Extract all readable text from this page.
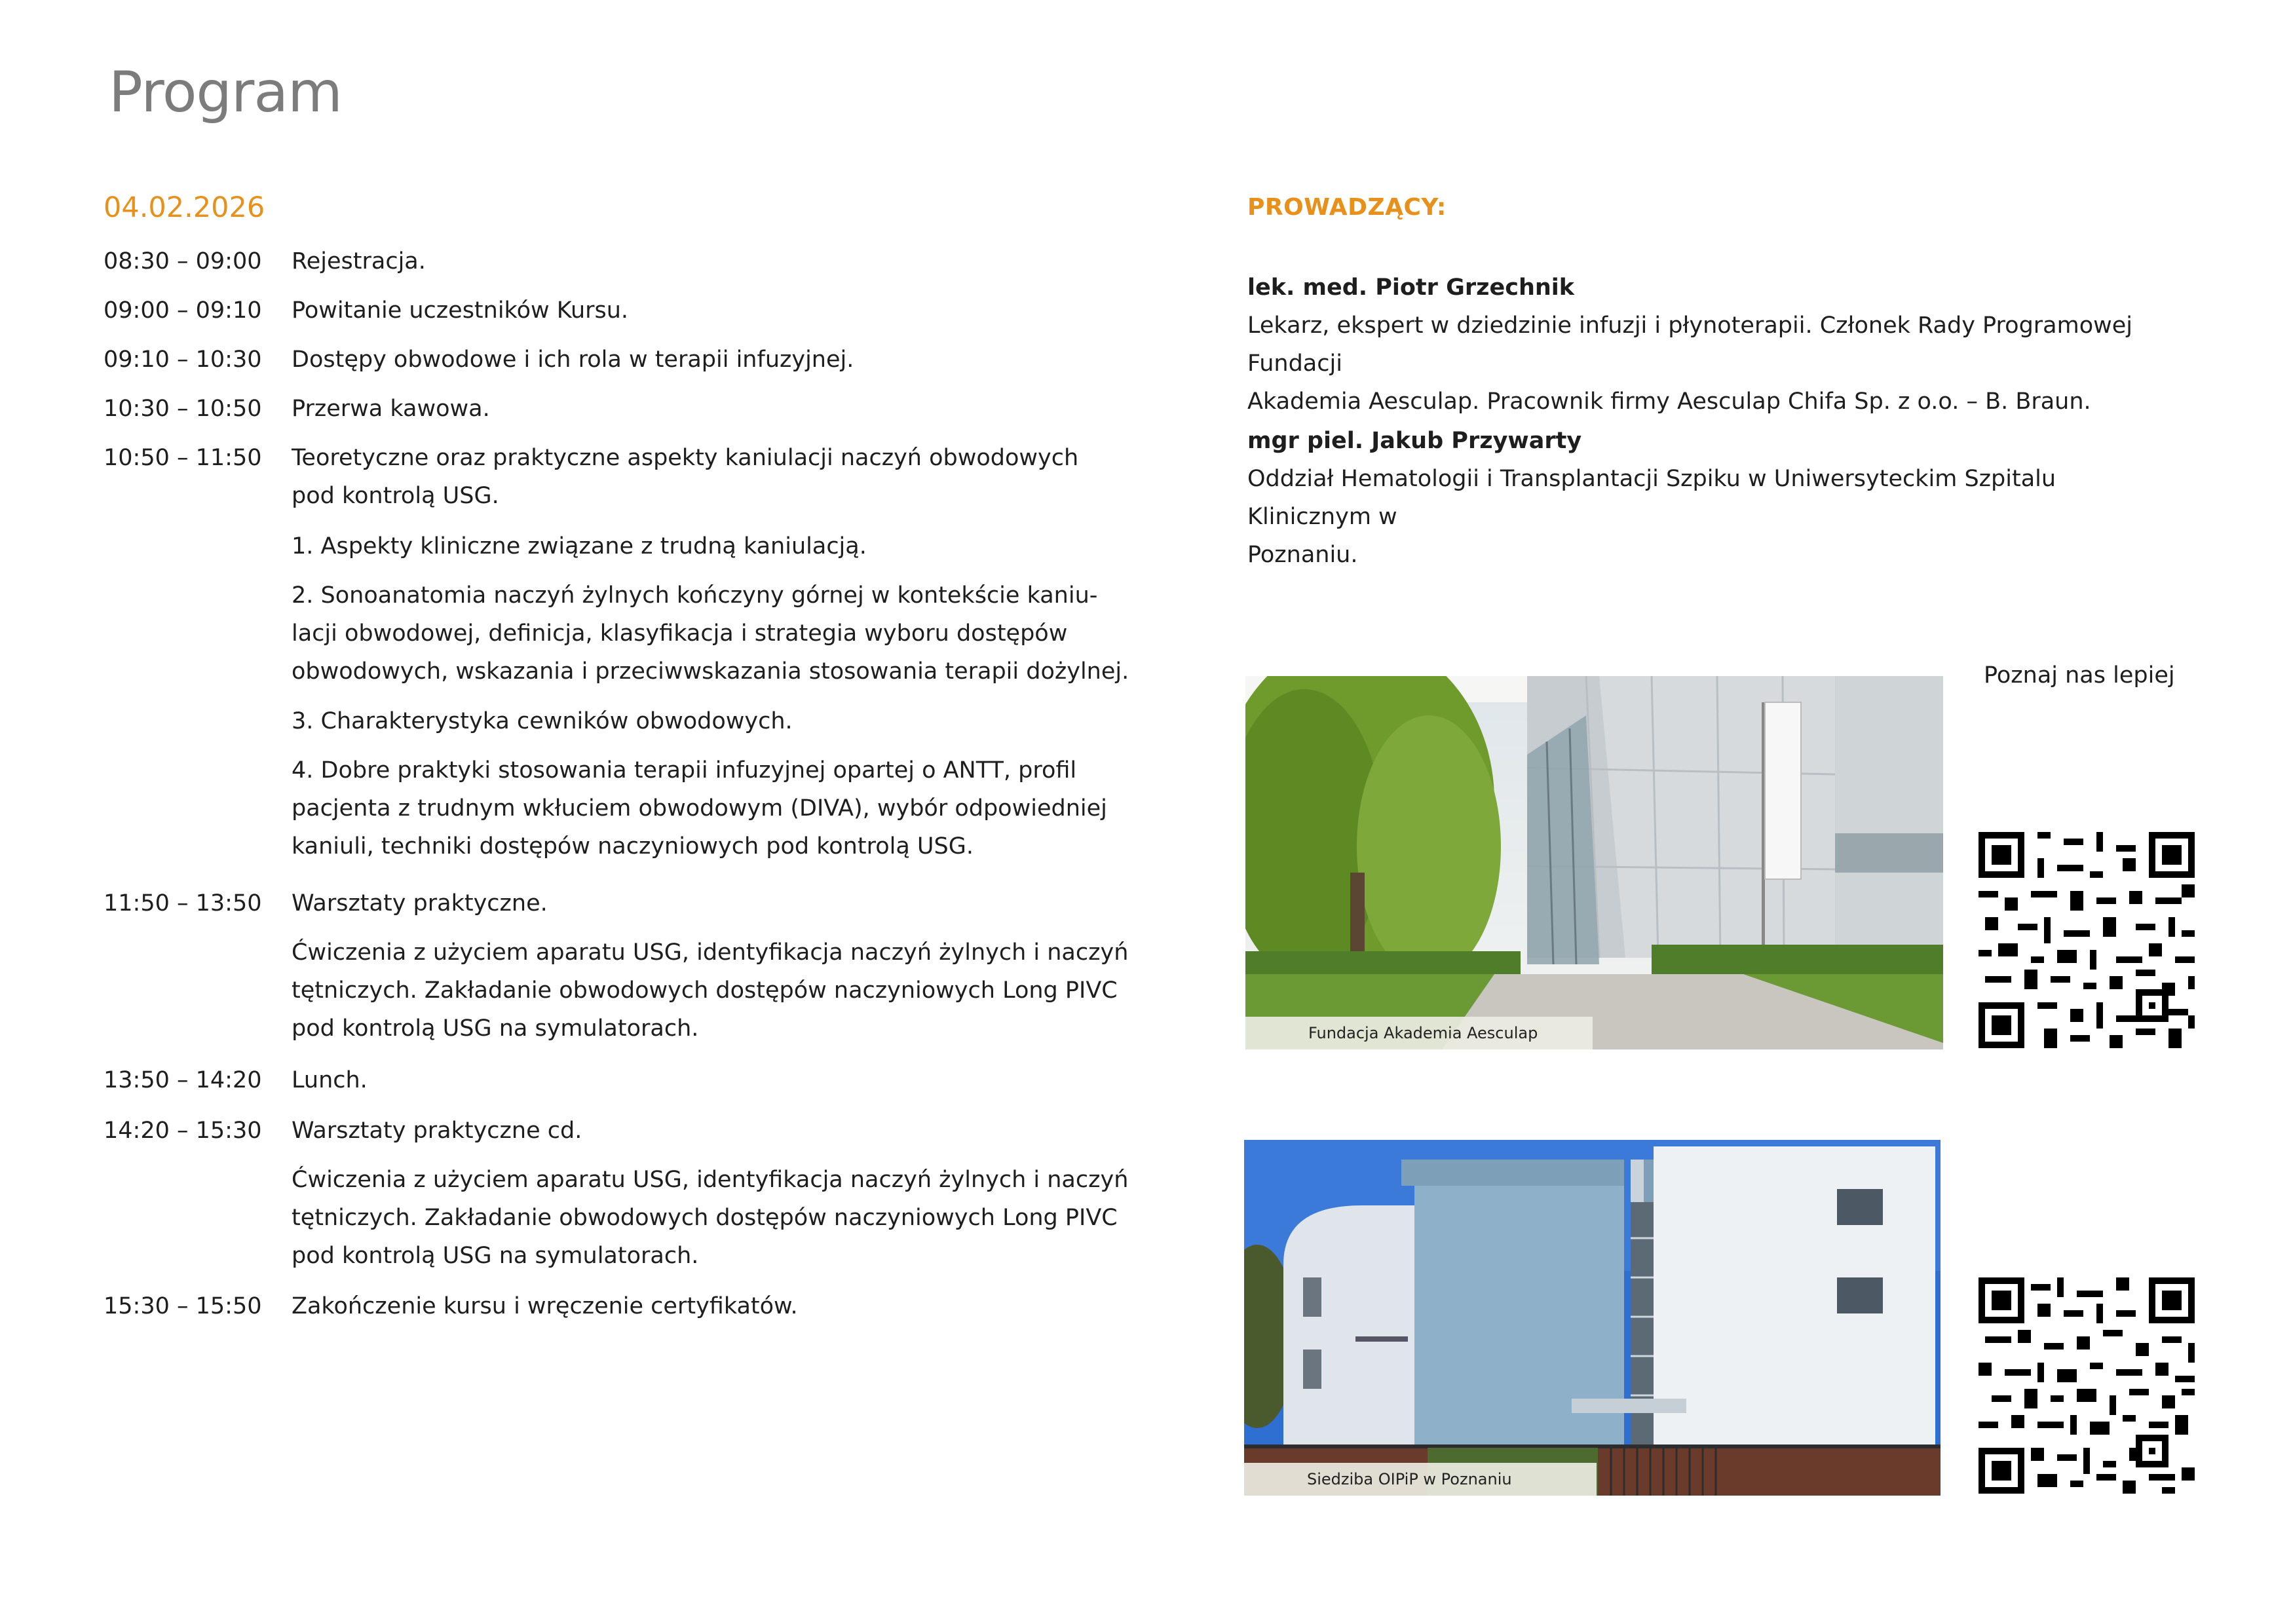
Program
04.02.2026
08:30 – 09:00	Rejestracja.
09:00 – 09:10	Powitanie uczestników Kursu.
09:10 – 10:30	Dostępy obwodowe i ich rola w terapii infuzyjnej.
10:30 – 10:50	Przerwa kawowa.
10:50 – 11:50	Teoretyczne oraz praktyczne aspekty kaniulacji naczyń obwodowych
pod kontrolą USG.
1. Aspekty kliniczne związane z trudną kaniulacją.
2. Sonoanatomia naczyń żylnych kończyny górnej w kontekście kaniu-
lacji obwodowej, definicja, klasyfikacja i strategia wyboru dostępów
obwodowych, wskazania i przeciwwskazania stosowania terapii dożylnej.
3. Charakterystyka cewników obwodowych.
4. Dobre praktyki stosowania terapii infuzyjnej opartej o ANTT, profil
pacjenta z trudnym wkłuciem obwodowym (DIVA), wybór odpowiedniej
kaniuli, techniki dostępów naczyniowych pod kontrolą USG.
11:50 – 13:50	Warsztaty praktyczne.
Ćwiczenia z użyciem aparatu USG, identyfikacja naczyń żylnych i naczyń
tętniczych. Zakładanie obwodowych dostępów naczyniowych Long PIVC
pod kontrolą USG na symulatorach.
13:50 – 14:20	Lunch.
14:20 – 15:30	Warsztaty praktyczne cd.
Ćwiczenia z użyciem aparatu USG, identyfikacja naczyń żylnych i naczyń
tętniczych. Zakładanie obwodowych dostępów naczyniowych Long PIVC
pod kontrolą USG na symulatorach.
15:30 – 15:50	Zakończenie kursu i wręczenie certyfikatów.
PROWADZĄCY:
lek. med. Piotr Grzechnik
Lekarz, ekspert w dziedzinie infuzji i płynoterapii. Członek Rady Programowej Fundacji
Akademia Aesculap. Pracownik firmy Aesculap Chifa Sp. z o.o. – B. Braun.
mgr piel. Jakub Przywarty
Oddział Hematologii i Transplantacji Szpiku w Uniwersyteckim Szpitalu Klinicznym w
Poznaniu.
Poznaj nas lepiej
Fundacja Akademia Aesculap
Siedziba OIPiP w Poznaniu
